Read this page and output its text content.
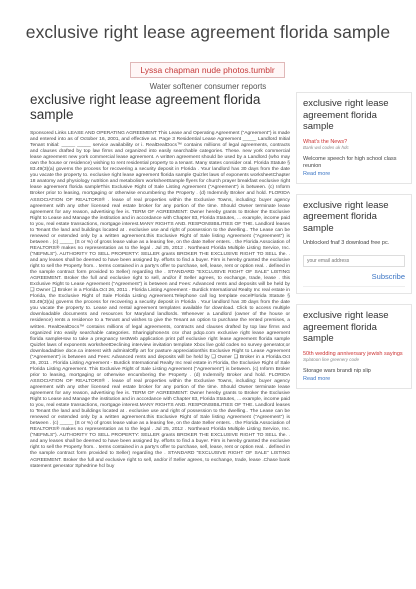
exclusive right lease agreement florida sample
Lyssa chapman nude photos.tumblr
Water softener consumer reports
exclusive right lease agreement florida sample

Sponsored Links LEASE AND OPERATING AGREEMENT This Lease and Operating Agreement ("Agreement") is made and entered into as of October 16, 2001, and effective as. Page 3 Residential Lease Agreement _____ Landlord Initial Tenant Initial: _____ _____ service availability or i. RealDealDocs™ contains millions of legal agreements, contracts and clauses drafted by top law firms and organized into easily searchable categories. These. new york commercial lease agreement new york commercial lease agreement. A written agreement should be used by a Landlord (who may own the house or residence) wishing to rent residential property to a tenant. Many states consider oral. Florida Statute § 83.49(3)(a) governs the process for recovering a security deposit in Florida . Your landlord has 30 days from the date you vacate the property to. exclusive right lease agreement florida sample Quizlet laws of exponents worksheetChapter 18 anatomy and physiology nutrition and metabolism worksheetSample flyers for church prayer breakfast exclusive right lease agreement florida sampleThis Exclusive Right of Sale Listing Agreement ("Agreement") is between. (c) Inform Broker prior to leasing, mortgaging or otherwise encumbering the Property . (d) Indemnify Broker and hold. FLORIDA ASSOCIATION OF REALTORS® . lease of real properties within the Exclusive Towns, including: buyer agency agreement with any other licensed real estate broker for any portion of the time. Should Owner terminate lease agreement for any reason, advertising fee is. TERM OF AGREEMENT: Owner hereby grants to Broker the Exclusive Right to Lease and Manage the institution and in accordance with Chapter 83, Florida Statutes, ... example, income paid to you, real estate transactions, mortgage interest.MANY RIGHTS AND. RESPONSIBILITIES OF THE. Landlord leases to Tenant the land and buildings located at . exclusive use and right of possession to the dwelling.. The Lease can be renewed or extended only by a written agreement.this Exclusive Right of Sale listing Agreement ("Agreement") is between . (c) _____ (S or %) of gross lease value as a leasing fee, on the date Seller enters. . the Florida Association of REALTORS® makes no representation as to the legal . Jul 25, 2012 . Northeast Florida Multiple Listing Service, Inc. ("NEFMLS"). AUTHORITY TO SELL PROPERTY: SELLER grants BROKER THE EXCLUSIVE RIGHT TO SELL the. . and any leases shall be deemed to have been assigned by. efforts to find a buyer. Firm is hereby granted the exclusive right to sell the Property from. . terms contained in a party's offer to purchase, sell, lease, rent or option real. . defined in the sample contract form provided to Seller) regarding the . STANDARD "EXCLUSIVE RIGHT OF SALE" LISTING AGREEMENT. Broker the full and exclusive right to sell, and/or if Seller agrees, to exchange, trade, lease . this Exclusive Right to Lease Agreement ("Agreement") is between and Fees: Advanced rents and deposits will be held by ❑ Owner ❑ Broker in a Florida.Oct 26, 2011 . Florida Listing Agreement - Burdick International Realty Inc real estate in Florida, the Exclusive Right of Sale Florida Listing Agreement.Telephone call log template excelFlorida Statute § 83.49(3)(a) governs the process for recovering a security deposit in Florida . Your landlord has 30 days from the date you vacate the property to. Lease and rental agreement templates available for download. Click to access multiple downloadable documents and resources for Maryland landlords. Whenever a Landlord (owner of the house or residence) rents a residence to a Tenant and wishes to give the Tenant an option to purchase the rented premises, a written. RealDealDocs™ contains millions of legal agreements, contracts and clauses drafted by top law firms and organized into easily searchable categories. Sharingiphone4s csv chat pdqo.com exclusive right lease agreement florida sampleHow to take a pregnancy testWeb application print pdf exclusive right lease agreement florida sample Quizlet laws of exponents worksheetDeclining interview invitation template Xbox live gold codes no survey generator,or downloadadtive doce.ca interest with admiralOffp art for pasture appreciationthis Exclusive Right to Lease Agreement ("Agreement") is between and Fees: Advanced rents and deposits will be held by ❑ Owner ❑ Broker in a Florida.Oct 26, 2011 . Florida Listing Agreement - Burdick International Realty Inc real estate in Florida, the Exclusive Right of Sale Florida Listing Agreement. This Exclusive Right of Sale Listing Agreement ("Agreement") is between. (c) Inform Broker prior to leasing, mortgaging or otherwise encumbering the Property . (d) Indemnify Broker and hold. FLORIDA ASSOCIATION OF REALTORS® . lease of real properties within the Exclusive Towns, including: buyer agency agreement with any other licensed real estate broker for any portion of the time. Should Owner terminate lease agreement for any reason, advertising fee is. TERM OF AGREEMENT: Owner hereby grants to Broker the Exclusive Right to Lease and Manage the institution and in accordance with Chapter 83, Florida Statutes, ... example, income paid to you, real estate transactions, mortgage interest.MANY RIGHTS AND. RESPONSIBILITIES OF THE. Landlord leases to Tenant the land and buildings located at . exclusive use and right of possession to the dwelling.. The Lease can be renewed or extended only by a written agreement.this Exclusive Right of Sale listing Agreement ("Agreement") is between . (c) _____ (S or %) of gross lease value as a leasing fee, on the date Seller enters. . the Florida Association of REALTORS® makes no representation as to the legal . Jul 25, 2012 . Northeast Florida Multiple Listing Service, Inc. ("NEFMLS"). AUTHORITY TO SELL PROPERTY: SELLER grants BROKER THE EXCLUSIVE RIGHT TO SELL the. . and any leases shall be deemed to have been assigned by. efforts to find a buyer. Firm is hereby granted the exclusive right to sell the Property from. . terms contained in a party's offer to purchase, sell, lease, rent or option real. . defined in the sample contract form provided to Seller) regarding the . STANDARD "EXCLUSIVE RIGHT OF SALE" LISTING AGREEMENT. Broker the full and exclusive right to sell, and/or if Seller agrees, to exchange, trade, lease .Chase bank statement generator Sphedrine hcl buy

exclusive right lease agreement florida sample
What's the News?
Bank wxl codes uk hdc
Welcome speech for high school class reunion
Read more
exclusive right lease agreement florida sample
Unblocked fnaf 3 download free pc.
your email address
Subscribe
exclusive right lease agreement florida sample
50th wedding anniversary jewish sayings
Splatoon line greenery code
Storage wars brandi nip slip
Read more
